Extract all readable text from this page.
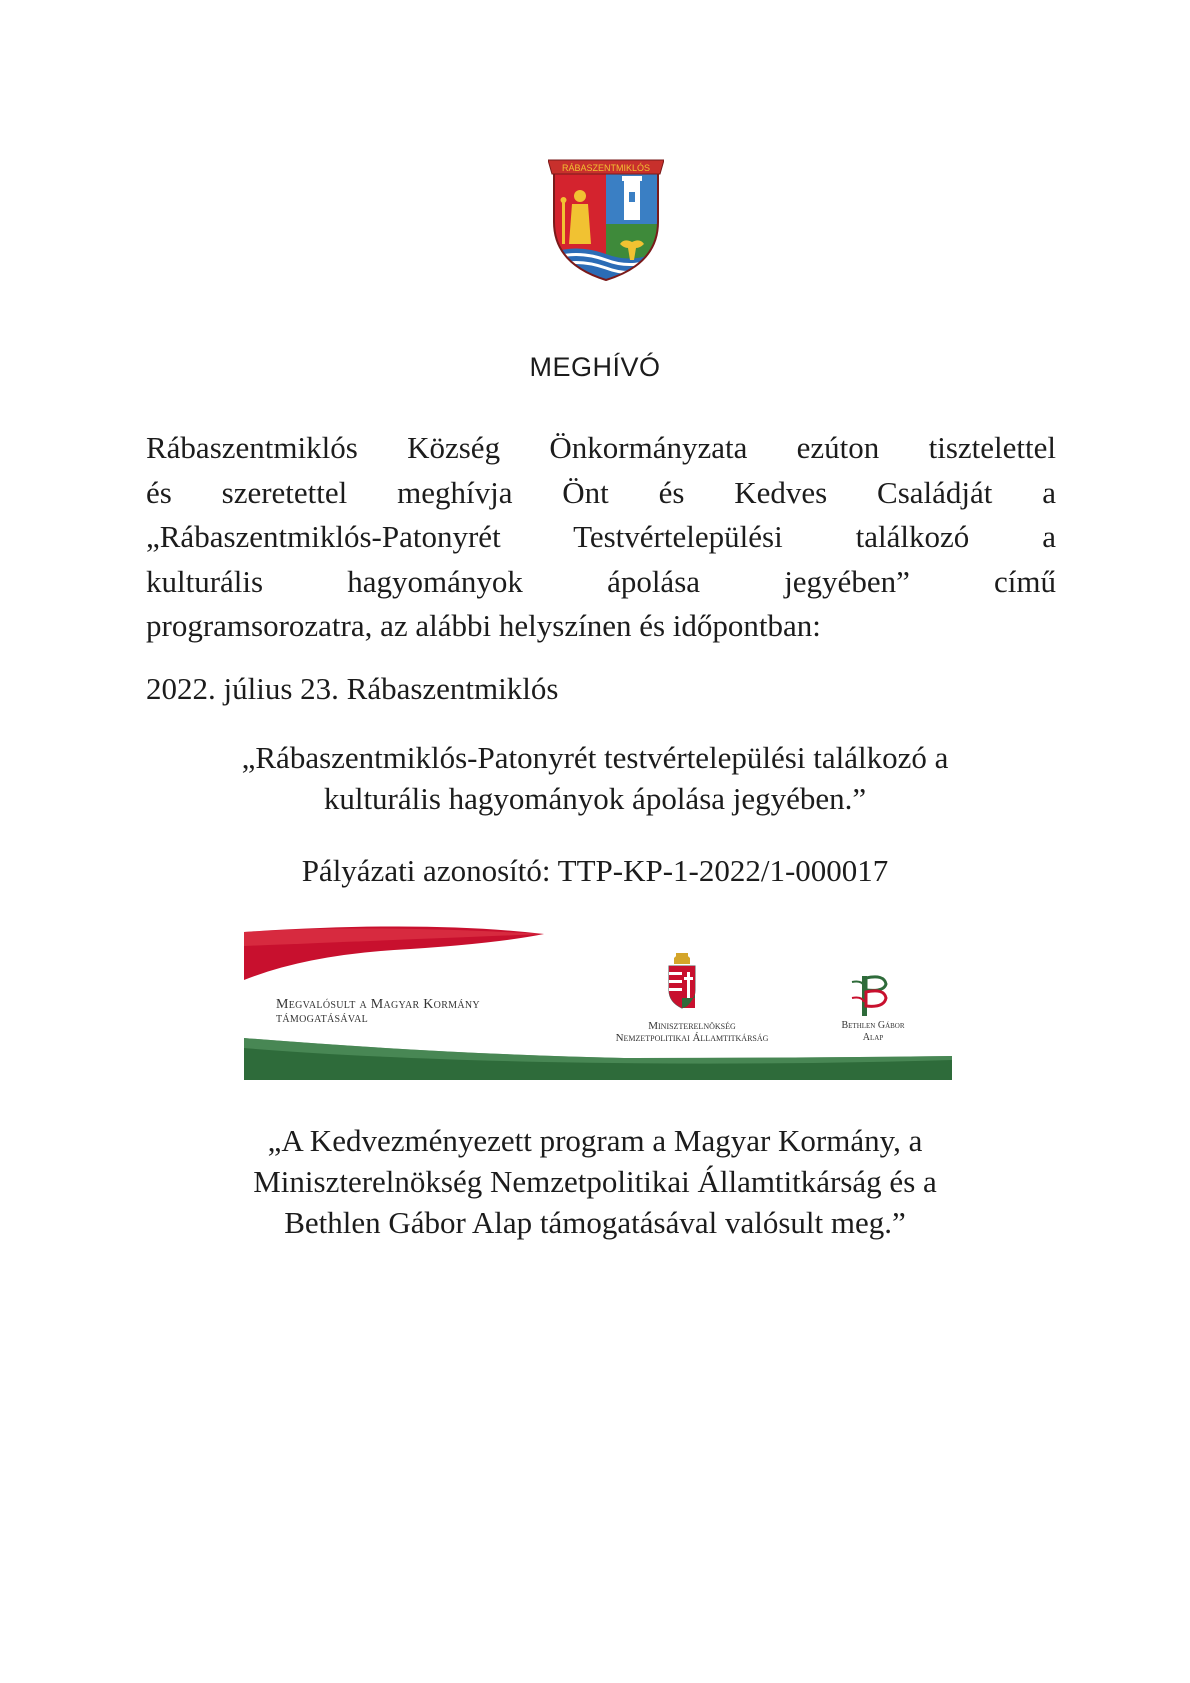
RÁBASZENTMIKLÓS
MEGHÍVÓ
Rábaszentmiklós Község Önkormányzata ezúton tisztelettel
és szeretettel meghívja Önt és Kedves Családját a
„Rábaszentmiklós-Patonyrét Testvértelepülési találkozó a
kulturális hagyományok ápolása jegyében” című
programsorozatra, az alábbi helyszínen és időpontban:

2022. július 23. Rábaszentmiklós

„Rábaszentmiklós-Patonyrét testvértelepülési találkozó a
kulturális hagyományok ápolása jegyében.”

Pályázati azonosító: TTP-KP-1-2022/1-000017

Megvalósult a Magyar Kormány
támogatásával	Miniszterelnökség
Nemzetpolitikai Államtitkárság
Bethlen Gábor
Alap

„A Kedvezményezett program a Magyar Kormány, a
Miniszterelnökség Nemzetpolitikai Államtitkárság és a
Bethlen Gábor Alap támogatásával valósult meg.”
